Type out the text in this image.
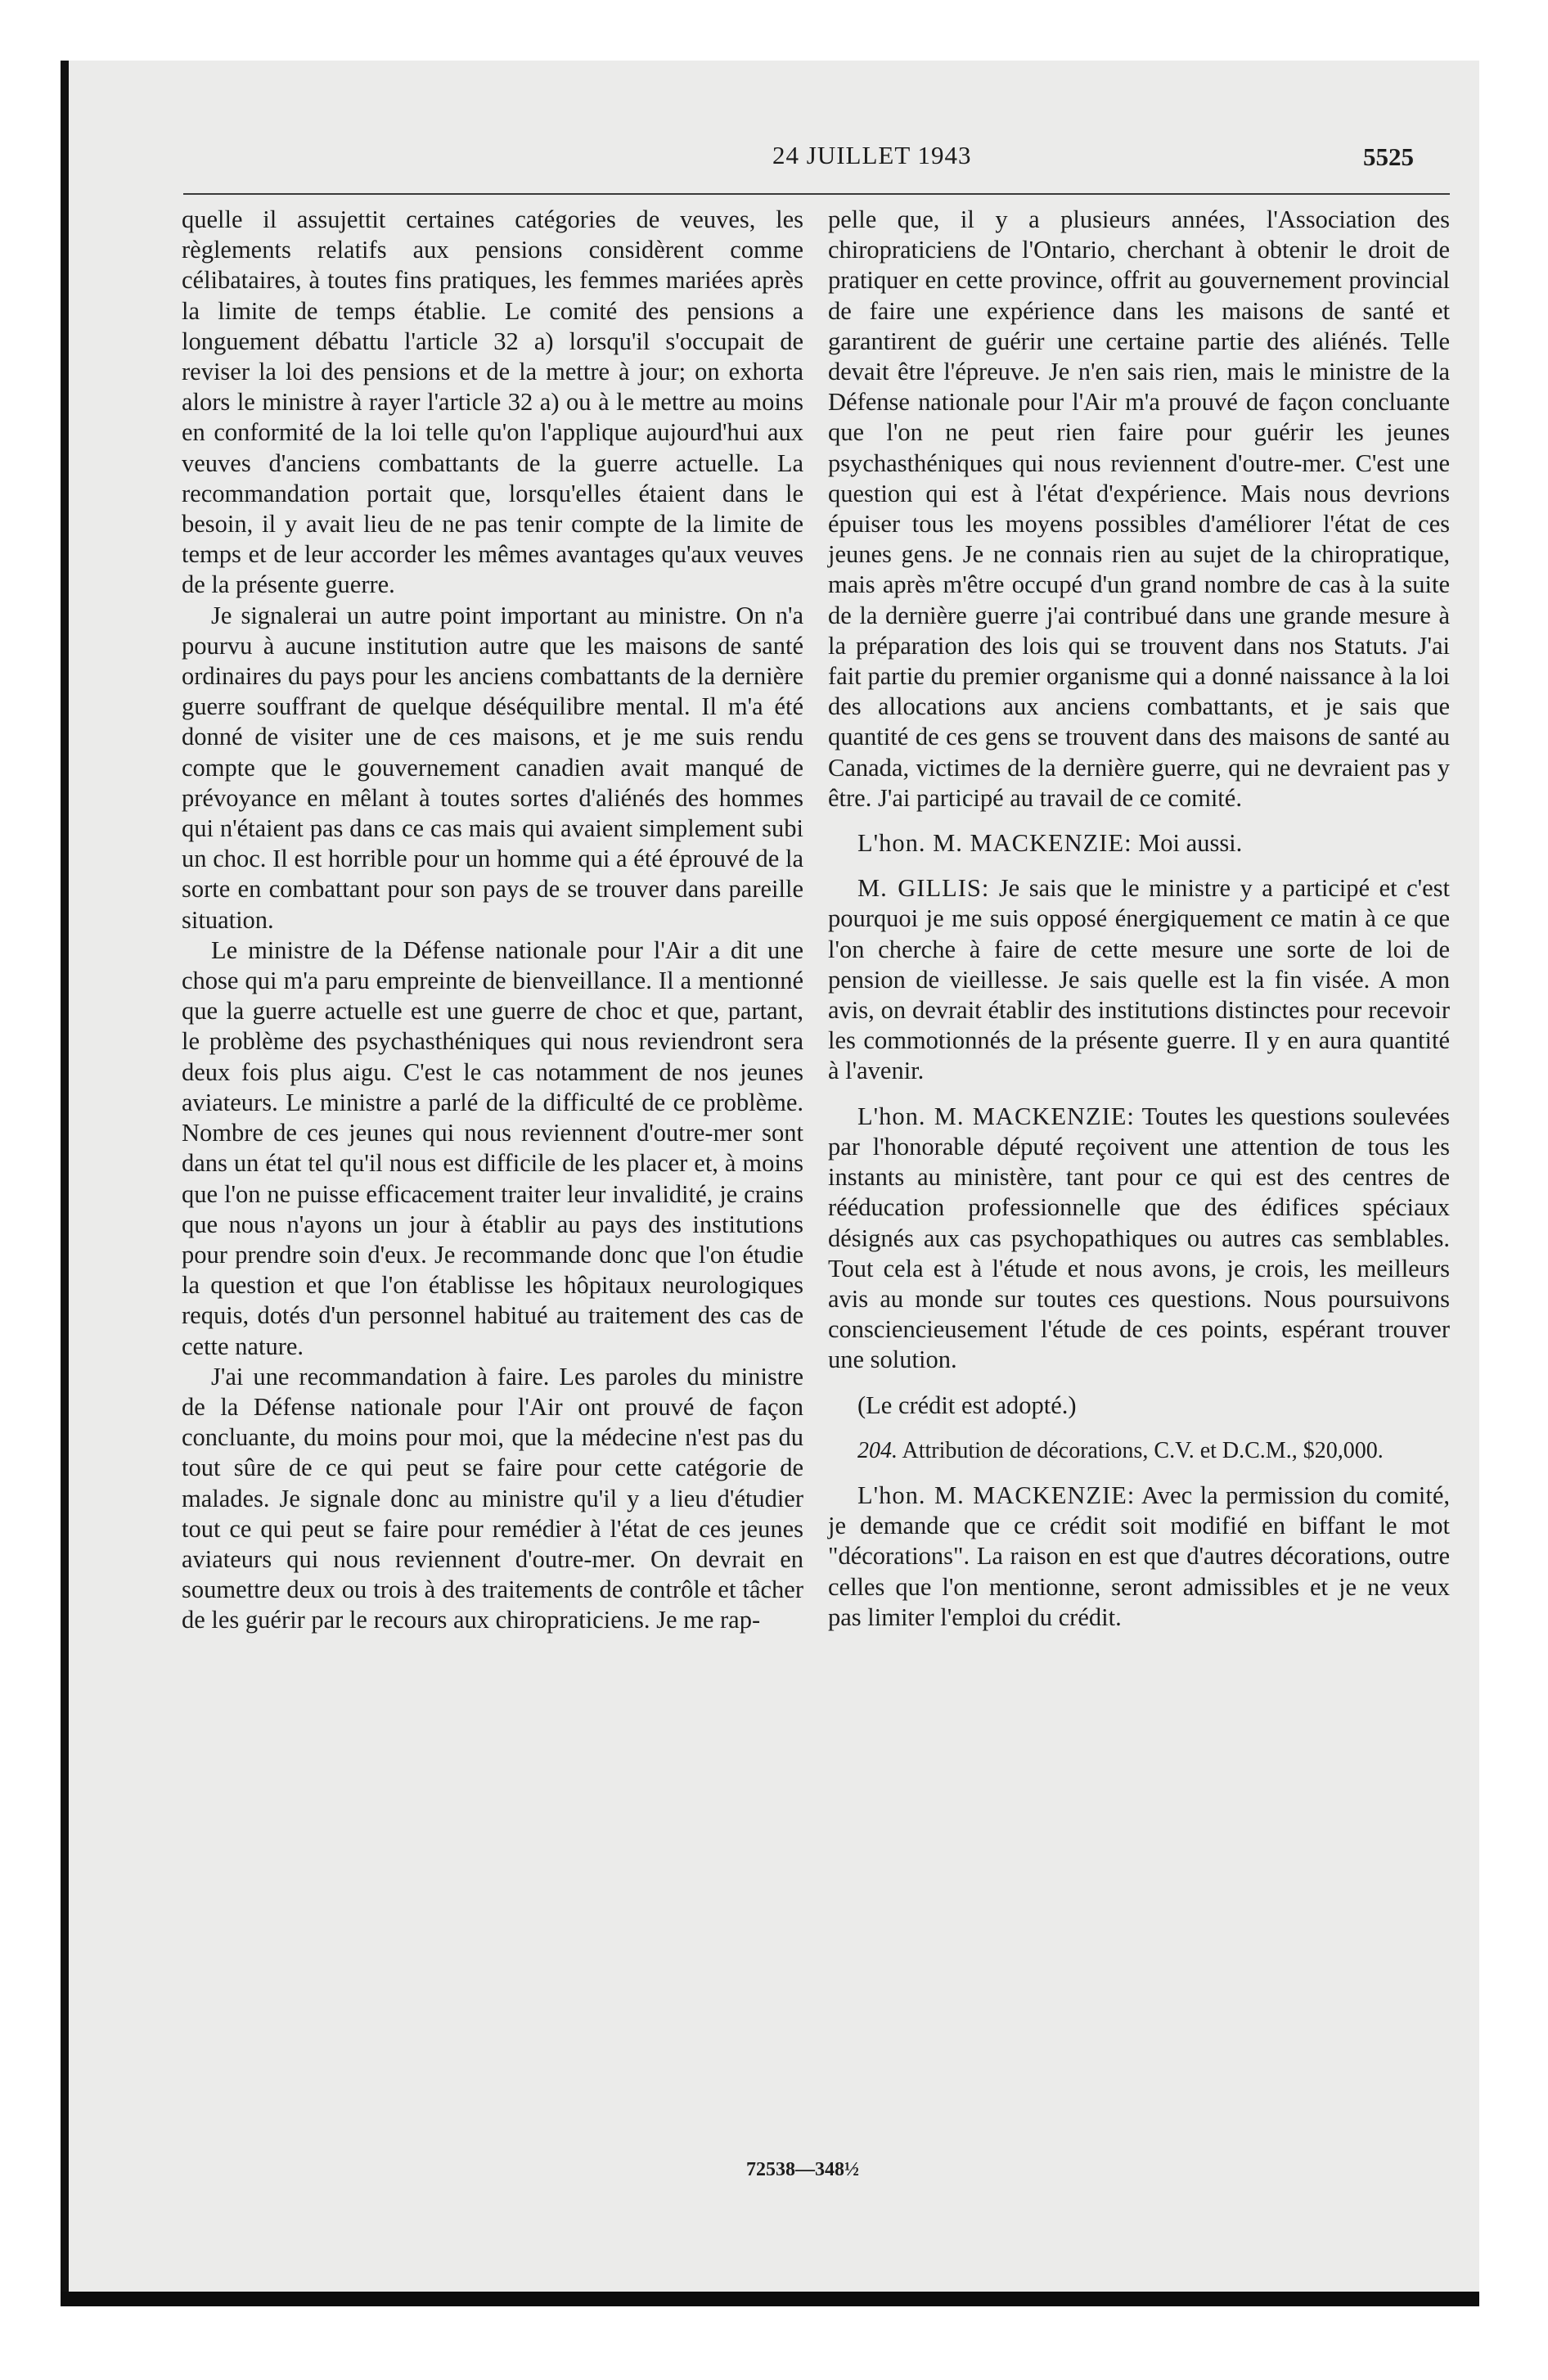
24 JUILLET 1943	5525

quelle il assujettit certaines catégories de veuves, les règlements relatifs aux pensions considèrent comme célibataires, à toutes fins pratiques, les femmes mariées après la limite de temps établie. Le comité des pensions a longuement débattu l'article 32 a) lorsqu'il s'occupait de reviser la loi des pensions et de la mettre à jour; on exhorta alors le ministre à rayer l'article 32 a) ou à le mettre au moins en conformité de la loi telle qu'on l'applique aujourd'hui aux veuves d'anciens combattants de la guerre actuelle. La recommandation portait que, lorsqu'elles étaient dans le besoin, il y avait lieu de ne pas tenir compte de la limite de temps et de leur accorder les mêmes avantages qu'aux veuves de la présente guerre.

Je signalerai un autre point important au ministre. On n'a pourvu à aucune institution autre que les maisons de santé ordinaires du pays pour les anciens combattants de la dernière guerre souffrant de quelque déséquilibre mental. Il m'a été donné de visiter une de ces maisons, et je me suis rendu compte que le gouvernement canadien avait manqué de prévoyance en mêlant à toutes sortes d'aliénés des hommes qui n'étaient pas dans ce cas mais qui avaient simplement subi un choc. Il est horrible pour un homme qui a été éprouvé de la sorte en combattant pour son pays de se trouver dans pareille situation.

Le ministre de la Défense nationale pour l'Air a dit une chose qui m'a paru empreinte de bienveillance. Il a mentionné que la guerre actuelle est une guerre de choc et que, partant, le problème des psychasthéniques qui nous reviendront sera deux fois plus aigu. C'est le cas notamment de nos jeunes aviateurs. Le ministre a parlé de la difficulté de ce problème. Nombre de ces jeunes qui nous reviennent d'outre-mer sont dans un état tel qu'il nous est difficile de les placer et, à moins que l'on ne puisse efficacement traiter leur invalidité, je crains que nous n'ayons un jour à établir au pays des institutions pour prendre soin d'eux. Je recommande donc que l'on étudie la question et que l'on établisse les hôpitaux neurologiques requis, dotés d'un personnel habitué au traitement des cas de cette nature.

J'ai une recommandation à faire. Les paroles du ministre de la Défense nationale pour l'Air ont prouvé de façon concluante, du moins pour moi, que la médecine n'est pas du tout sûre de ce qui peut se faire pour cette catégorie de malades. Je signale donc au ministre qu'il y a lieu d'étudier tout ce qui peut se faire pour remédier à l'état de ces jeunes aviateurs qui nous reviennent d'outre-mer. On devrait en soumettre deux ou trois à des traitements de contrôle et tâcher de les guérir par le recours aux chiropraticiens. Je me rap-

pelle que, il y a plusieurs années, l'Association des chiropraticiens de l'Ontario, cherchant à obtenir le droit de pratiquer en cette province, offrit au gouvernement provincial de faire une expérience dans les maisons de santé et garantirent de guérir une certaine partie des aliénés. Telle devait être l'épreuve. Je n'en sais rien, mais le ministre de la Défense nationale pour l'Air m'a prouvé de façon concluante que l'on ne peut rien faire pour guérir les jeunes psychasthéniques qui nous reviennent d'outre-mer. C'est une question qui est à l'état d'expérience. Mais nous devrions épuiser tous les moyens possibles d'améliorer l'état de ces jeunes gens. Je ne connais rien au sujet de la chiropratique, mais après m'être occupé d'un grand nombre de cas à la suite de la dernière guerre j'ai contribué dans une grande mesure à la préparation des lois qui se trouvent dans nos Statuts. J'ai fait partie du premier organisme qui a donné naissance à la loi des allocations aux anciens combattants, et je sais que quantité de ces gens se trouvent dans des maisons de santé au Canada, victimes de la dernière guerre, qui ne devraient pas y être. J'ai participé au travail de ce comité.

L'hon. M. MACKENZIE: Moi aussi.

M. GILLIS: Je sais que le ministre y a participé et c'est pourquoi je me suis opposé énergiquement ce matin à ce que l'on cherche à faire de cette mesure une sorte de loi de pension de vieillesse. Je sais quelle est la fin visée. A mon avis, on devrait établir des institutions distinctes pour recevoir les commotionnés de la présente guerre. Il y en aura quantité à l'avenir.

L'hon. M. MACKENZIE: Toutes les questions soulevées par l'honorable député reçoivent une attention de tous les instants au ministère, tant pour ce qui est des centres de rééducation professionnelle que des édifices spéciaux désignés aux cas psychopathiques ou autres cas semblables. Tout cela est à l'étude et nous avons, je crois, les meilleurs avis au monde sur toutes ces questions. Nous poursuivons consciencieusement l'étude de ces points, espérant trouver une solution.

(Le crédit est adopté.)

204. Attribution de décorations, C.V. et D.C.M., $20,000.

L'hon. M. MACKENZIE: Avec la permission du comité, je demande que ce crédit soit modifié en biffant le mot "décorations". La raison en est que d'autres décorations, outre celles que l'on mentionne, seront admissibles et je ne veux pas limiter l'emploi du crédit.

72538—348½
